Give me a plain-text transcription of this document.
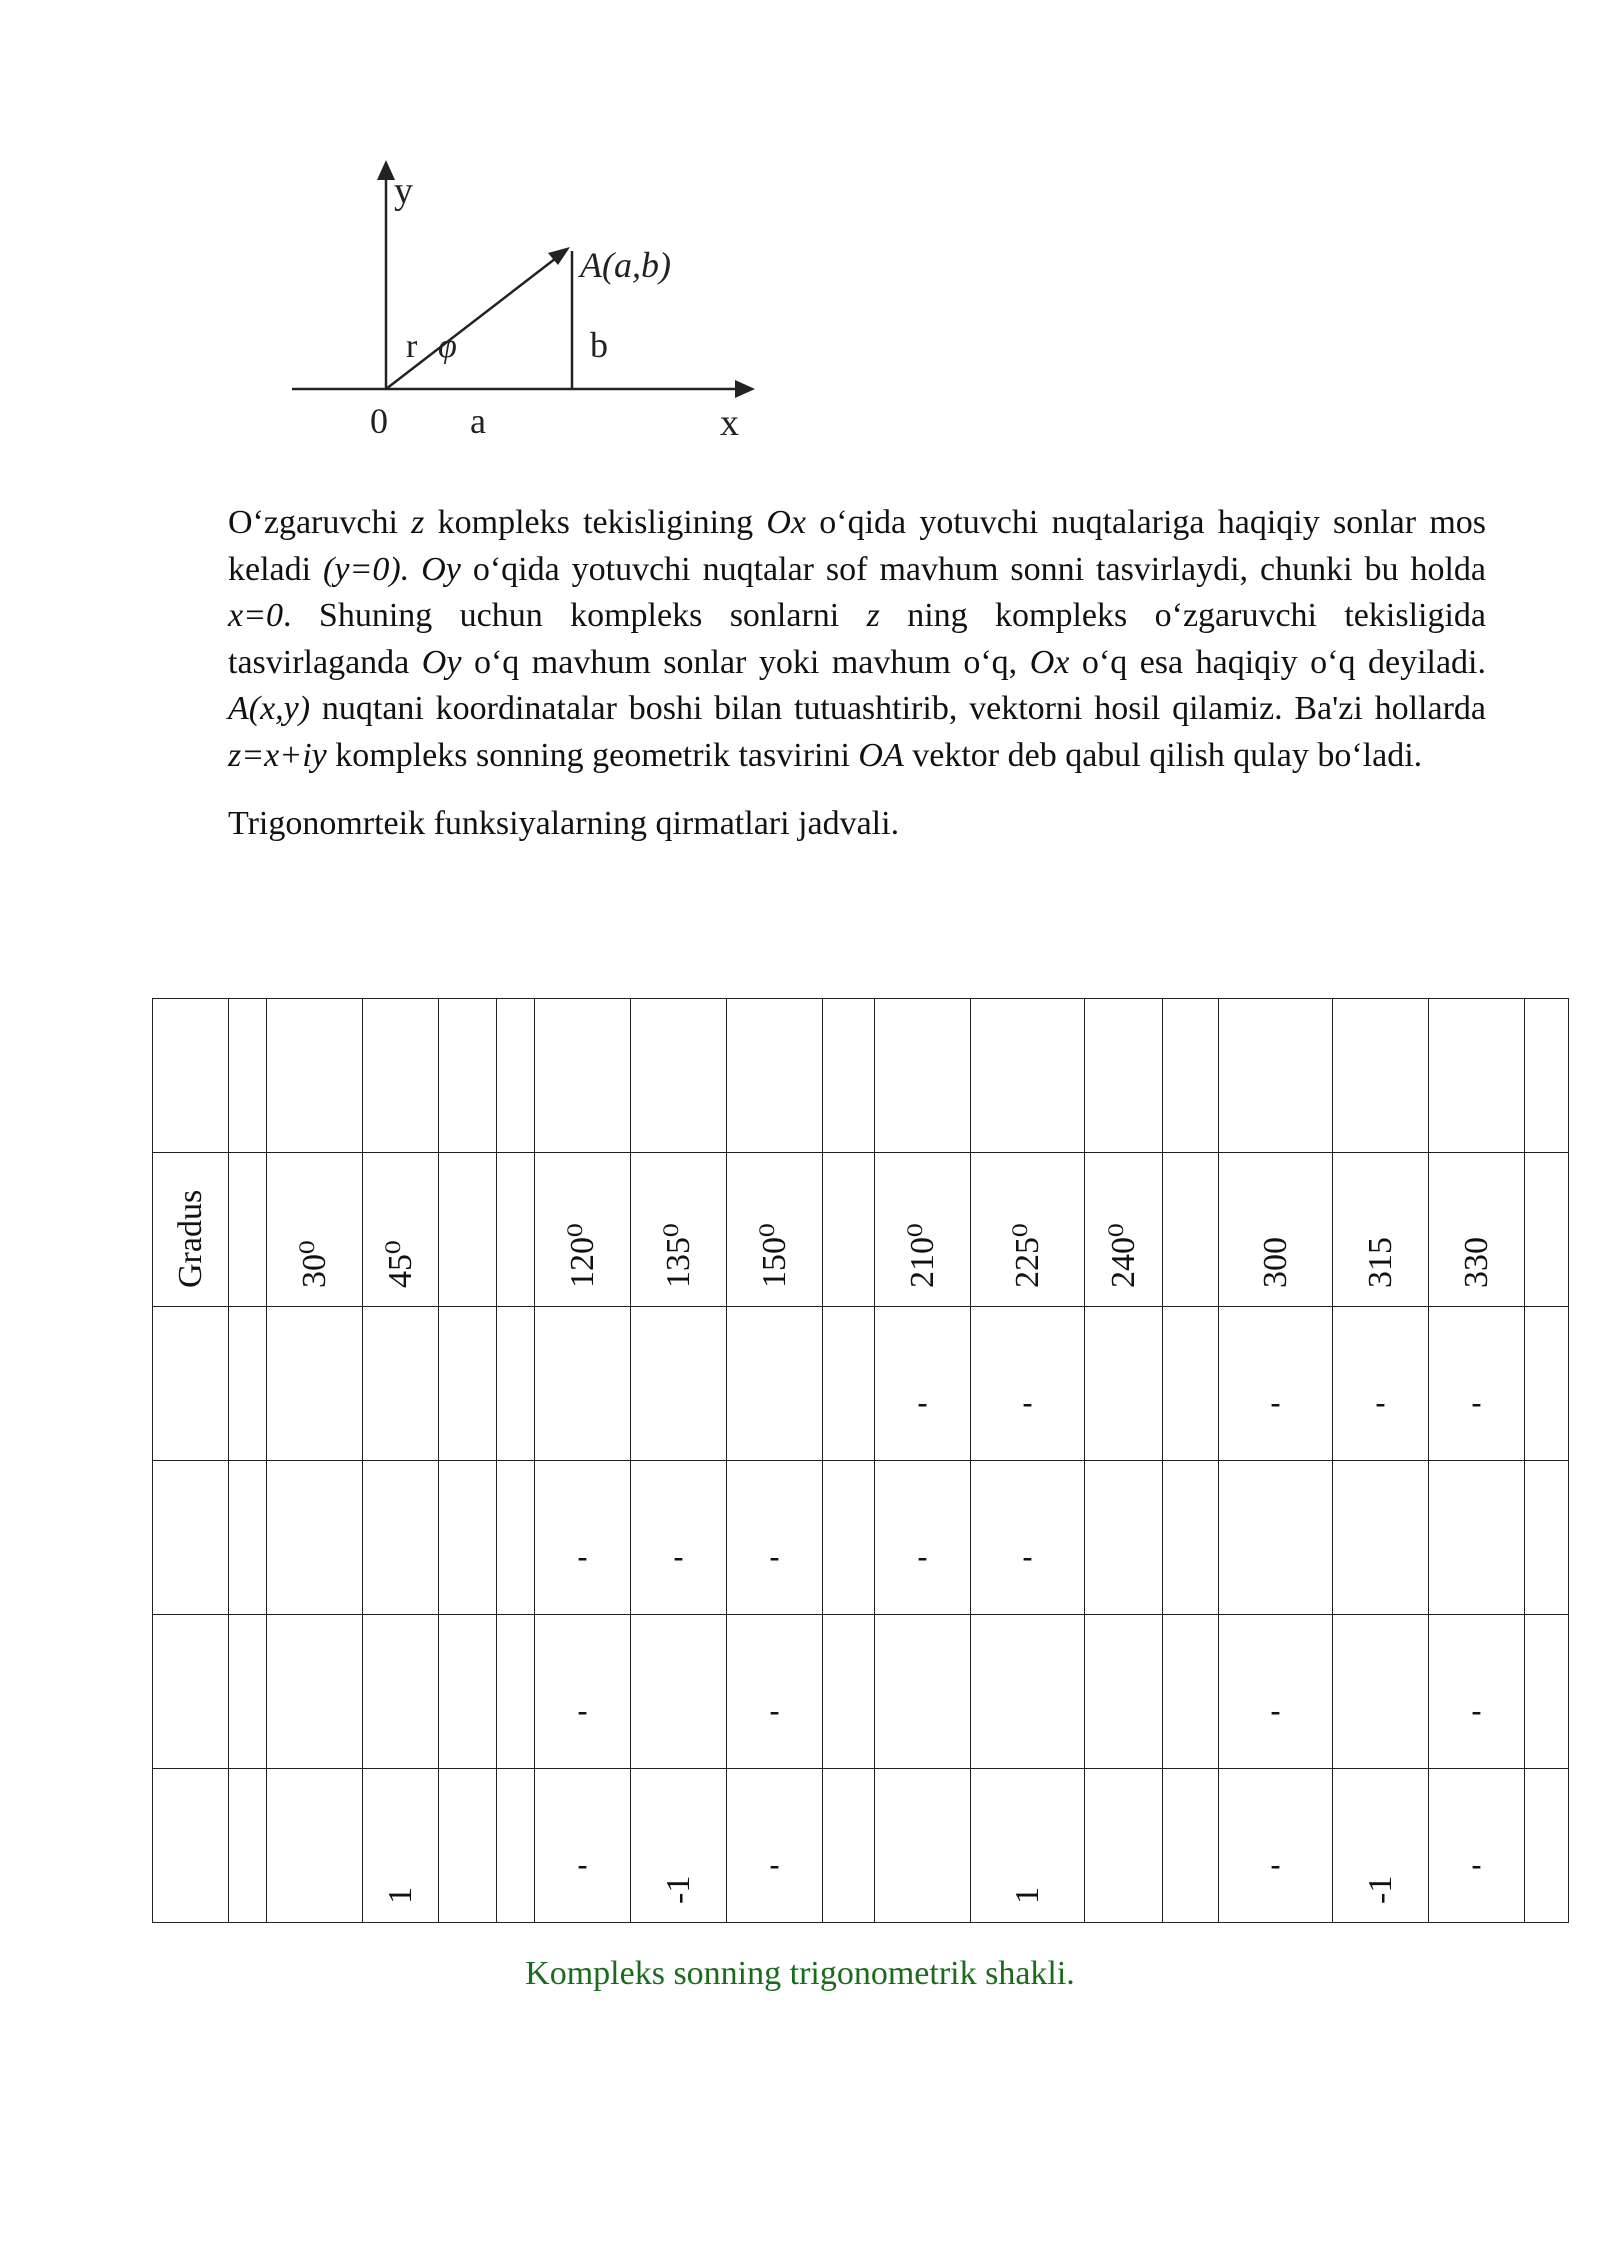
y
A(a,b)
r φ	b
0 a	x

O‘zgaruvchi z kompleks tekisligining Ox o‘qida yotuvchi nuqtalariga haqiqiy sonlar mos keladi (y=0). Oy o‘qida yotuvchi nuqtalar sof mavhum sonni tasvirlaydi, chunki bu holda x=0. Shuning uchun kompleks sonlarni z ning kompleks o‘zgaruvchi tekisligida tasvirlaganda Oy o‘q mavhum sonlar yoki mavhum o‘q, Ox o‘q esa haqiqiy o‘q deyiladi. A(x,y) nuqtani koordinatalar boshi bilan tutuashtirib, vektorni hosil qilamiz. Ba'zi hollarda z=x+iy kompleks sonning geometrik tasvirini OA vektor deb qabul qilish qulay bo‘ladi.

Trigonomrteik funksiyalarning qirmatlari jadvali.

Gradus		30⁰	45⁰			120⁰	135⁰	150⁰		210⁰	225⁰	240⁰		300	315	330	

										-	-			-	-	-	

						-	-	-		-	-						

						-		-						-		-	

			1			-	-1	-			1			-	-1	-	

Kompleks sonning trigonometrik shakli.
